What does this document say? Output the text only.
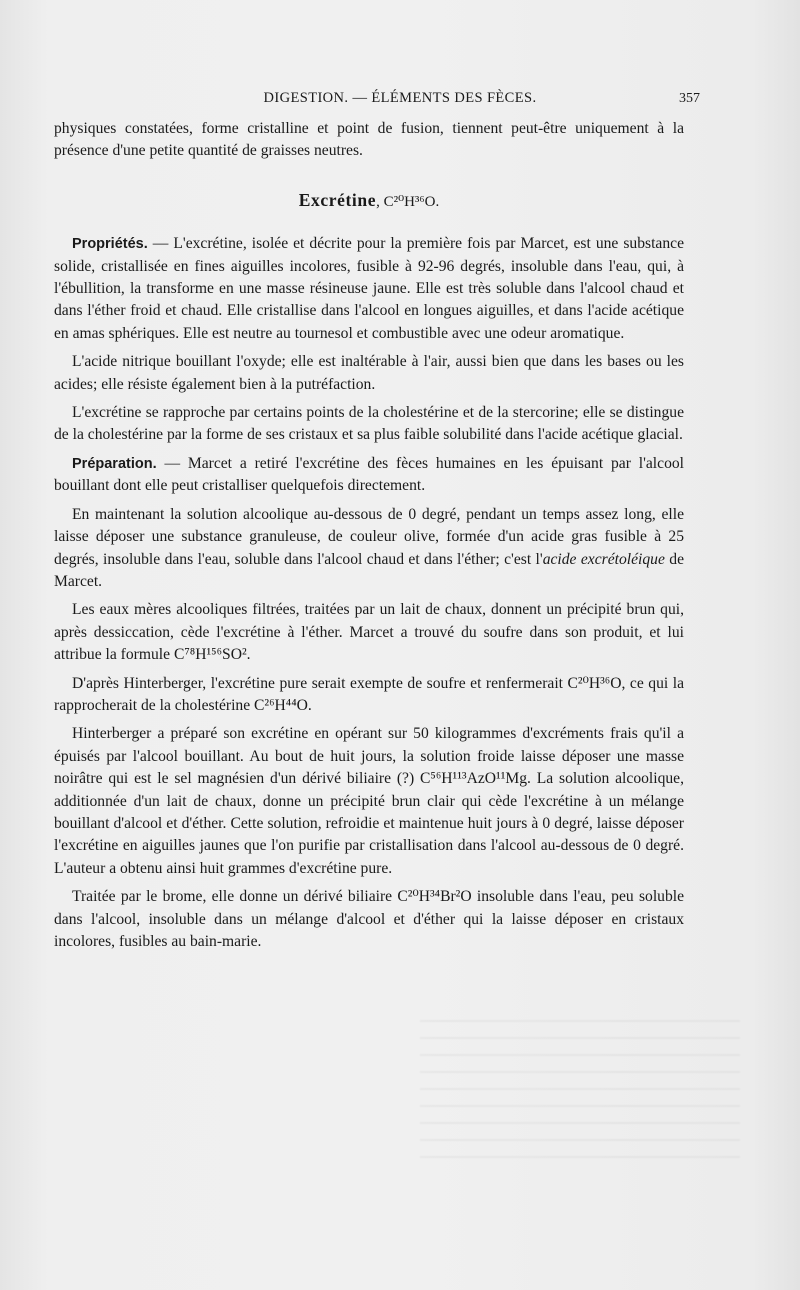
DIGESTION. — ÉLÉMENTS DES FÈCES.	357

physiques constatées, forme cristalline et point de fusion, tiennent peut-être uniquement à la présence d'une petite quantité de graisses neutres.

Excrétine, C²⁰H³⁶O.

Propriétés. — L'excrétine, isolée et décrite pour la première fois par Marcet, est une substance solide, cristallisée en fines aiguilles incolores, fusible à 92-96 degrés, insoluble dans l'eau, qui, à l'ébullition, la transforme en une masse résineuse jaune. Elle est très soluble dans l'alcool chaud et dans l'éther froid et chaud. Elle cristallise dans l'alcool en longues aiguilles, et dans l'acide acétique en amas sphériques. Elle est neutre au tournesol et combustible avec une odeur aromatique.

L'acide nitrique bouillant l'oxyde; elle est inaltérable à l'air, aussi bien que dans les bases ou les acides; elle résiste également bien à la putréfaction.

L'excrétine se rapproche par certains points de la cholestérine et de la stercorine; elle se distingue de la cholestérine par la forme de ses cristaux et sa plus faible solubilité dans l'acide acétique glacial.

Préparation. — Marcet a retiré l'excrétine des fèces humaines en les épuisant par l'alcool bouillant dont elle peut cristalliser quelquefois directement.

En maintenant la solution alcoolique au-dessous de 0 degré, pendant un temps assez long, elle laisse déposer une substance granuleuse, de couleur olive, formée d'un acide gras fusible à 25 degrés, insoluble dans l'eau, soluble dans l'alcool chaud et dans l'éther; c'est l'acide excrétoléique de Marcet.

Les eaux mères alcooliques filtrées, traitées par un lait de chaux, donnent un précipité brun qui, après dessiccation, cède l'excrétine à l'éther. Marcet a trouvé du soufre dans son produit, et lui attribue la formule C⁷⁸H¹⁵⁶SO².

D'après Hinterberger, l'excrétine pure serait exempte de soufre et renfermerait C²⁰H³⁶O, ce qui la rapprocherait de la cholestérine C²⁶H⁴⁴O.

Hinterberger a préparé son excrétine en opérant sur 50 kilogrammes d'excréments frais qu'il a épuisés par l'alcool bouillant. Au bout de huit jours, la solution froide laisse déposer une masse noirâtre qui est le sel magnésien d'un dérivé biliaire (?) C⁵⁶H¹¹³AzO¹¹Mg. La solution alcoolique, additionnée d'un lait de chaux, donne un précipité brun clair qui cède l'excrétine à un mélange bouillant d'alcool et d'éther. Cette solution, refroidie et maintenue huit jours à 0 degré, laisse déposer l'excrétine en aiguilles jaunes que l'on purifie par cristallisation dans l'alcool au-dessous de 0 degré. L'auteur a obtenu ainsi huit grammes d'excrétine pure.

Traitée par le brome, elle donne un dérivé biliaire C²⁰H³⁴Br²O insoluble dans l'eau, peu soluble dans l'alcool, insoluble dans un mélange d'alcool et d'éther qui la laisse déposer en cristaux incolores, fusibles au bain-marie.
